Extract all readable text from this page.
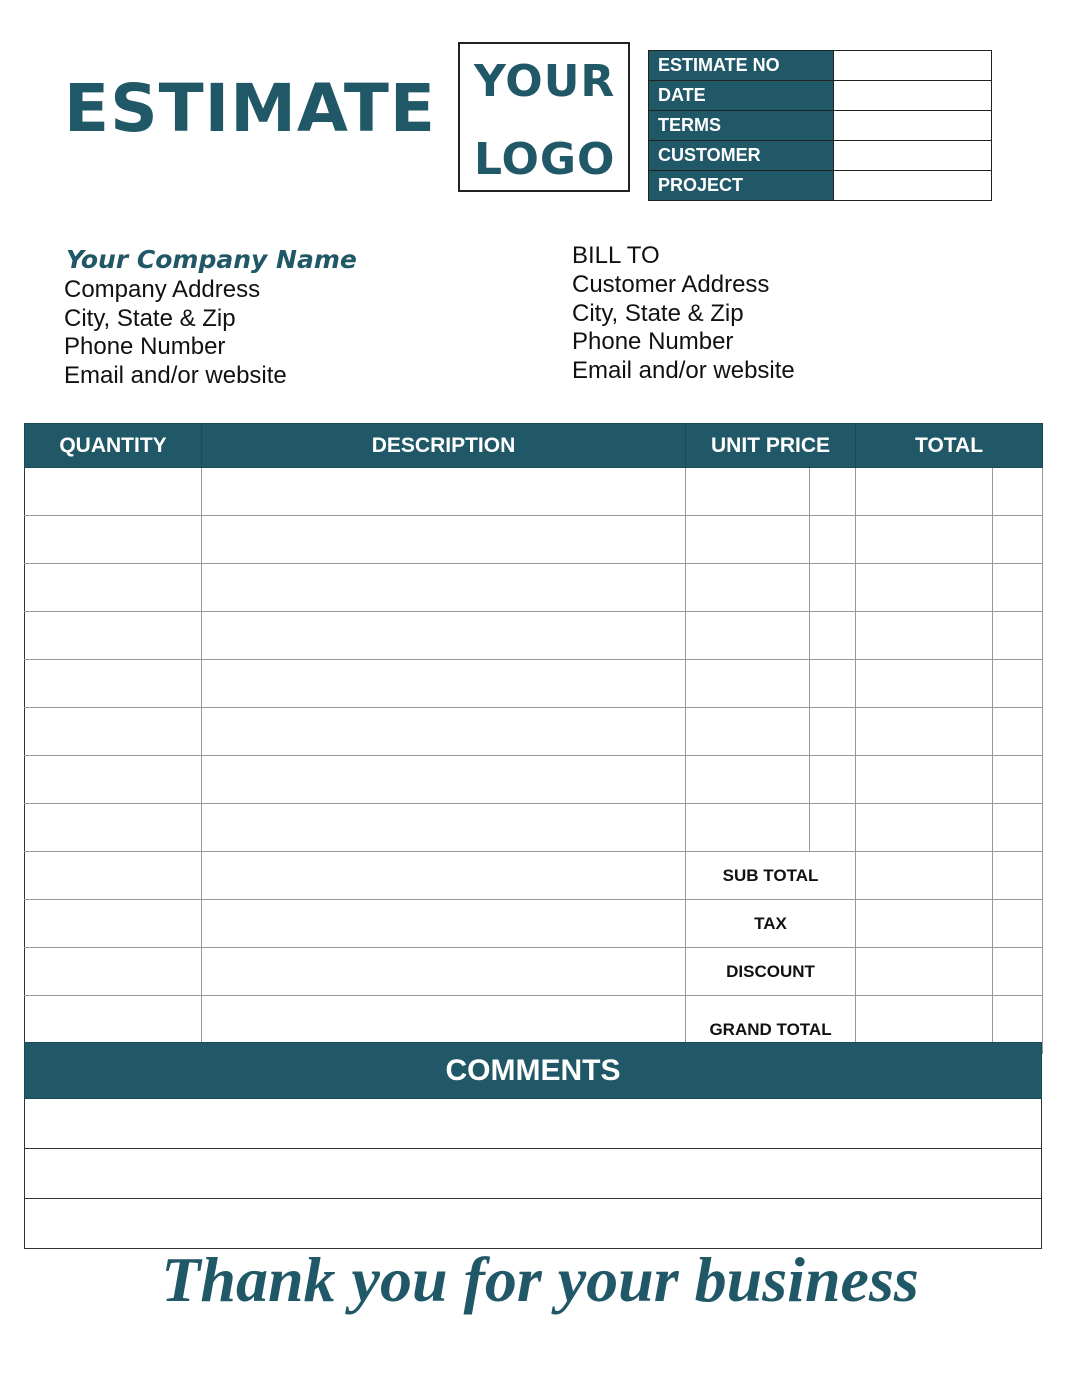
ESTIMATE YOUR
LOGO
ESTIMATE NO	
DATE	
TERMS	
CUSTOMER	
PROJECT	
Your Company Name
Company Address
City, State & Zip
Phone Number
Email and/or website
BILL TO
Customer Address
City, State & Zip
Phone Number
Email and/or website
QUANTITY	DESCRIPTION	UNIT PRICE		TOTAL	

		SUB TOTAL			
		TAX			
		DISCOUNT			
		GRAND TOTAL			
COMMENTS

Thank you for your business
